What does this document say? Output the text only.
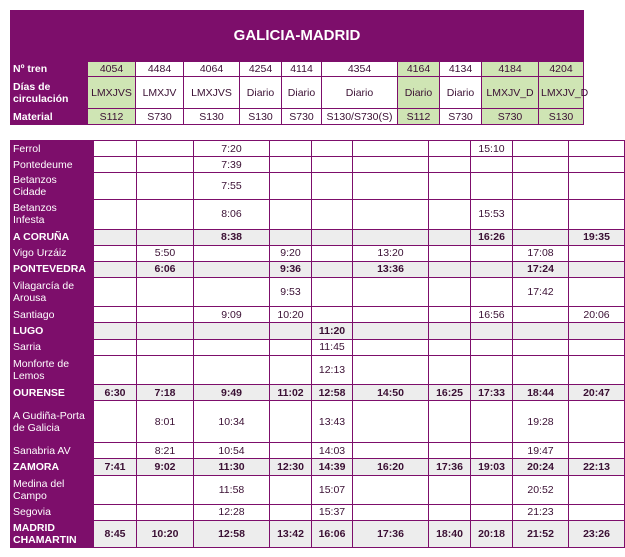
GALICIA-MADRID										
Nº tren	4054	4484	4064	4254	4114	4354	4164	4134	4184	4204
Días de circulación	LMXJVS	LMXJV	LMXJVS	Diario	Diario	Diario	Diario	Diario	LMXJV_D	LMXJV_D
Material	S112	S730	S130	S130	S730	S130/S730(S)	S112	S730	S730	S130
Ferrol			7:20					15:10		
Pontedeume			7:39							
Betanzos Cidade			7:55							
Betanzos Infesta			8:06					15:53		
A CORUÑA			8:38					16:26		19:35
Vigo Urzáiz		5:50		9:20		13:20			17:08	
PONTEVEDRA		6:06		9:36		13:36			17:24	
Vilagarcía de Arousa				9:53					17:42	
Santiago			9:09	10:20				16:56		20:06
LUGO					11:20					
Sarria					11:45					
Monforte de Lemos					12:13					
OURENSE	6:30	7:18	9:49	11:02	12:58	14:50	16:25	17:33	18:44	20:47
A Gudiña-Porta de Galicia		8:01	10:34		13:43				19:28	
Sanabria AV		8:21	10:54		14:03				19:47	
ZAMORA	7:41	9:02	11:30	12:30	14:39	16:20	17:36	19:03	20:24	22:13
Medina del Campo			11:58		15:07				20:52	
Segovia			12:28		15:37				21:23	
MADRID CHAMARTIN	8:45	10:20	12:58	13:42	16:06	17:36	18:40	20:18	21:52	23:26
